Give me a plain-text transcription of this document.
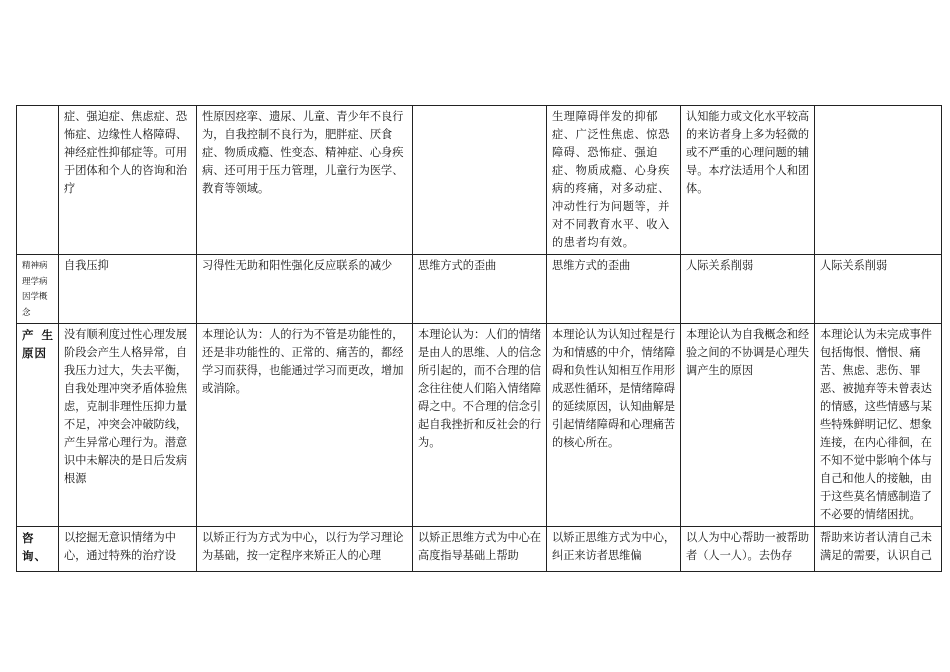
	症、强迫症、焦虑症、恐怖症、边缘性人格障碍、神经症性抑郁症等。可用于团体和个人的咨询和治疗	性原因痉挛、遗尿、儿童、青少年不良行为，自我控制不良行为，肥胖症、厌食症、物质成瘾、性变态、精神症、心身疾病、还可用于压力管理，儿童行为医学、教育等领域。		生理障碍伴发的抑郁症、广泛性焦虑、惊恐障碍、恐怖症、强迫症、物质成瘾、心身疾病的疼痛，对多动症、冲动性行为问题等，并对不同教育水平、收入的患者均有效。	认知能力或文化水平较高的来访者身上多为轻微的或不严重的心理问题的辅导。本疗法适用个人和团体。	
精神病理学病因学概念	自我压抑	习得性无助和阳性强化反应联系的减少	思维方式的歪曲	思维方式的歪曲	人际关系削弱	人际关系削弱
产生原因	没有顺利度过性心理发展阶段会产生人格异常，自我压力过大，失去平衡，自我处理冲突矛盾体验焦虑，克制非理性压抑力量不足，冲突会冲破防线，产生异常心理行为。潜意识中未解决的是日后发病根源	本理论认为：人的行为不管是功能性的，还是非功能性的、正常的、痛苦的，都经学习而获得，也能通过学习而更改，增加或消除。	本理论认为：人们的情绪是由人的思维、人的信念所引起的，而不合理的信念往往使人们陷入情绪障碍之中。不合理的信念引起自我挫折和反社会的行为。	本理论认为认知过程是行为和情感的中介，情绪障碍和负性认知相互作用形成恶性循环，是情绪障碍的延续原因，认知曲解是引起情绪障碍和心理痛苦的核心所在。	本理论认为自我概念和经验之间的不协调是心理失调产生的原因	本理论认为未完成事件包括悔恨、憎恨、痛苦、焦虑、悲伤、罪恶、被抛弃等未曾表达的情感，这些情感与某些特殊鲜明记忆、想象连接，在内心徘徊，在不知不觉中影响个体与自己和他人的接触，由于这些莫名情感制造了不必要的情绪困扰。
咨询、	以挖掘无意识情绪为中心，通过特殊的治疗设	以矫正行为方式为中心，以行为学习理论为基础，按一定程序来矫正人的心理	以矫正思维方式为中心在高度指导基础上帮助	以矫正思维方式为中心，纠正来访者思维偏	以人为中心帮助一被帮助者（人一人）。去伪存	帮助来访者认清自己未满足的需要，认识自己
